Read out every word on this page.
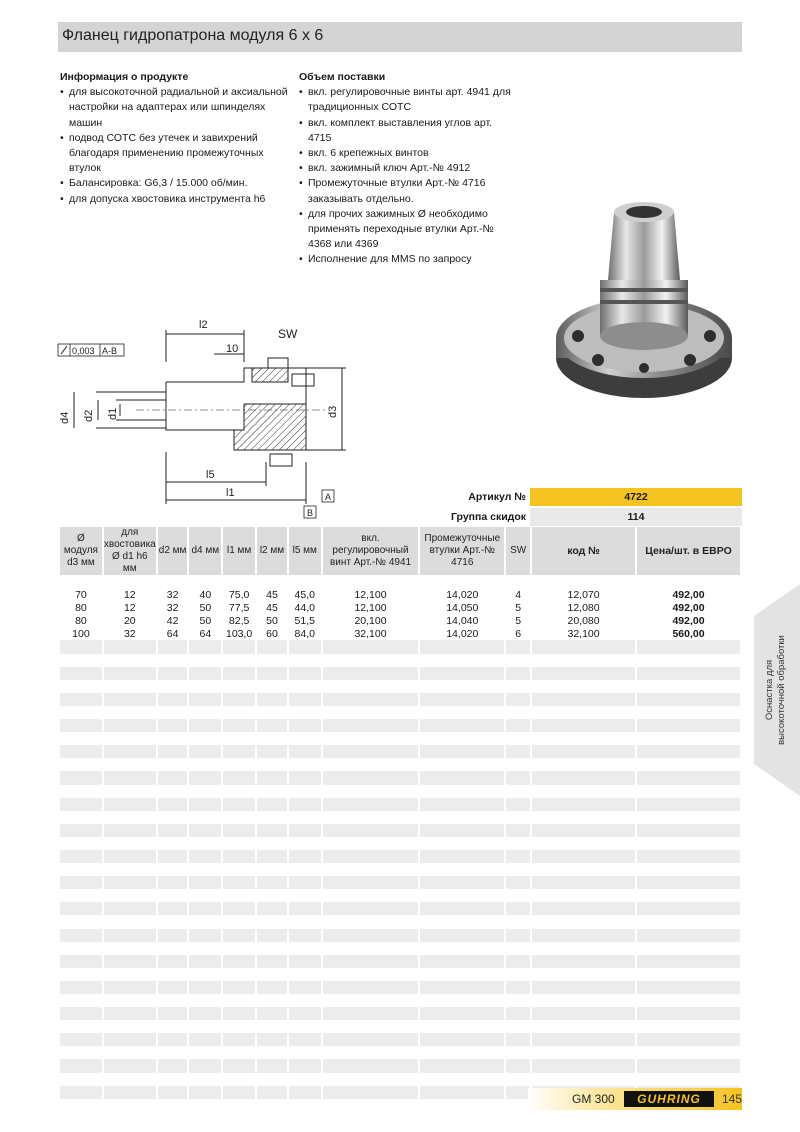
Фланец гидропатрона модуля 6 x 6
Информация о продукте
• для высокоточной радиальной и аксиальной настройки на адаптерах или шпинделях машин
• подвод СОТС без утечек и завихрений благодаря применению промежуточных втулок
• Балансировка: G6,3 / 15.000 об/мин.
• для допуска хвостовика инструмента h6
Объем поставки
• вкл. регулировочные винты арт. 4941 для традиционных СОТС
• вкл. комплект выставления углов арт. 4715
• вкл. 6 крепежных винтов
• вкл. зажимный ключ Арт.-№ 4912
• Промежуточные втулки Арт.-№ 4716 заказывать отдельно.
• для прочих зажимных Ø необходимо применять переходные втулки Арт.-№ 4368 или 4369
• Исполнение для MMS по запросу
0,003 A-B
l2
10
SW
d4 d2 d1	d3
l5
l1	A
B
Артикул №	4722
Группа скидок	114
Ø модуля d3 мм	для хвостовика Ø d1 h6 мм	d2 мм	d4 мм	l1 мм	l2 мм	l5 мм	вкл. регулировочный винт Арт.-№ 4941	Промежуточные втулки Арт.-№ 4716	SW	код №	Цена/шт. в ЕВРО

70	12	32	40	75,0	45	45,0	12,100	14,020	4	12,070	492,00
80	12	32	50	77,5	45	44,0	12,100	14,050	5	12,080	492,00
80	20	42	50	82,5	50	51,5	20,100	14,040	5	20,080	492,00
100	32	64	64	103,0	60	84,0	32,100	14,020	6	32,100	560,00

Оснастка для
высокоточной обработки
GM 300	GUHRING	145
